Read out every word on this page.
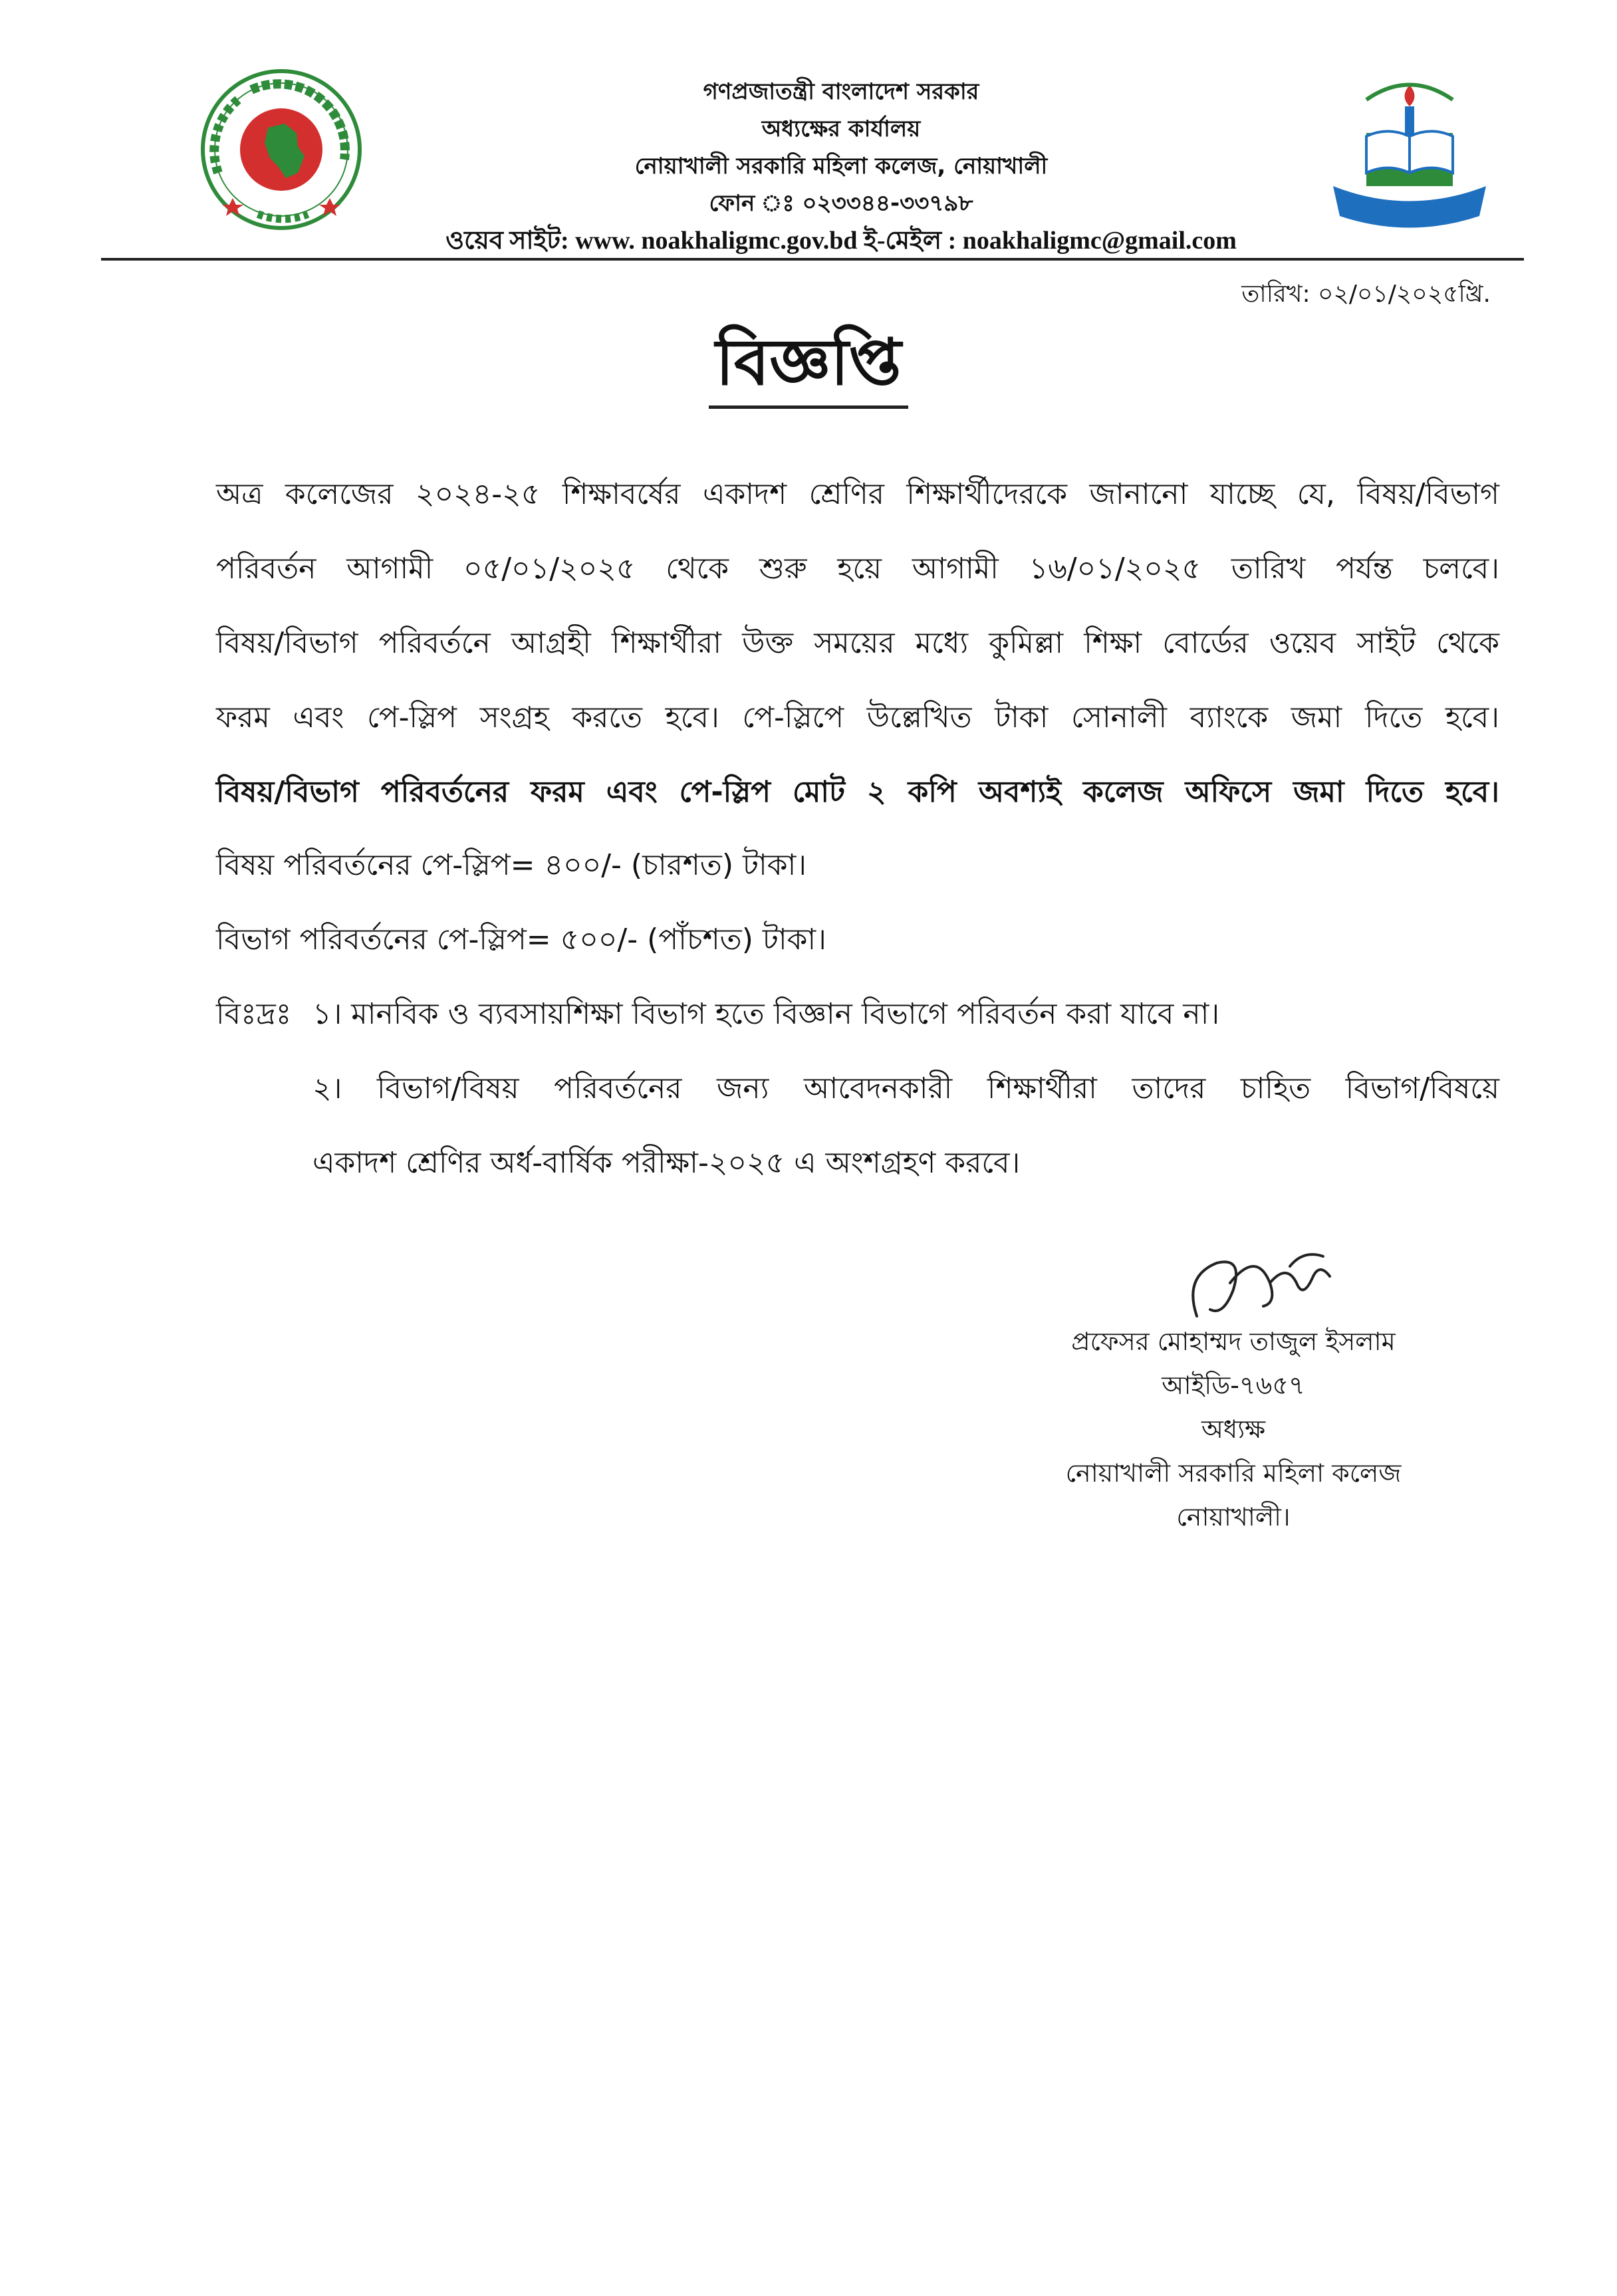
গণপ্রজাতন্ত্রী বাংলাদেশ সরকার
অধ্যক্ষের কার্যালয়
নোয়াখালী সরকারি মহিলা কলেজ, নোয়াখালী
ফোন ঃ ০২৩৩৪৪-৩৩৭৯৮
ওয়েব সাইট: www. noakhaligmc.gov.bd ই-মেইল : noakhaligmc@gmail.com
তারিখ: ০২/০১/২০২৫খ্রি.
বিজ্ঞপ্তি
অত্র কলেজের ২০২৪-২৫ শিক্ষাবর্ষের একাদশ শ্রেণির শিক্ষার্থীদেরকে জানানো যাচ্ছে যে, বিষয়/বিভাগ
পরিবর্তন আগামী ০৫/০১/২০২৫ থেকে শুরু হয়ে আগামী ১৬/০১/২০২৫ তারিখ পর্যন্ত চলবে।
বিষয়/বিভাগ পরিবর্তনে আগ্রহী শিক্ষার্থীরা উক্ত সময়ের মধ্যে কুমিল্লা শিক্ষা বোর্ডের ওয়েব সাইট থেকে
ফরম এবং পে-স্লিপ সংগ্রহ করতে হবে। পে-স্লিপে উল্লেখিত টাকা সোনালী ব্যাংকে জমা দিতে হবে।
বিষয়/বিভাগ পরিবর্তনের ফরম এবং পে-স্লিপ মোট ২ কপি অবশ্যই কলেজ অফিসে জমা দিতে হবে।
বিষয় পরিবর্তনের পে-স্লিপ= ৪০০/- (চারশত) টাকা।
বিভাগ পরিবর্তনের পে-স্লিপ= ৫০০/- (পাঁচশত) টাকা।
বিঃদ্রঃ ১। মানবিক ও ব্যবসায়শিক্ষা বিভাগ হতে বিজ্ঞান বিভাগে পরিবর্তন করা যাবে না।
২। বিভাগ/বিষয় পরিবর্তনের জন্য আবেদনকারী শিক্ষার্থীরা তাদের চাহিত বিভাগ/বিষয়ে
একাদশ শ্রেণির অর্ধ-বার্ষিক পরীক্ষা-২০২৫ এ অংশগ্রহণ করবে।
প্রফেসর মোহাম্মদ তাজুল ইসলাম
আইডি-৭৬৫৭
অধ্যক্ষ
নোয়াখালী সরকারি মহিলা কলেজ
নোয়াখালী।
